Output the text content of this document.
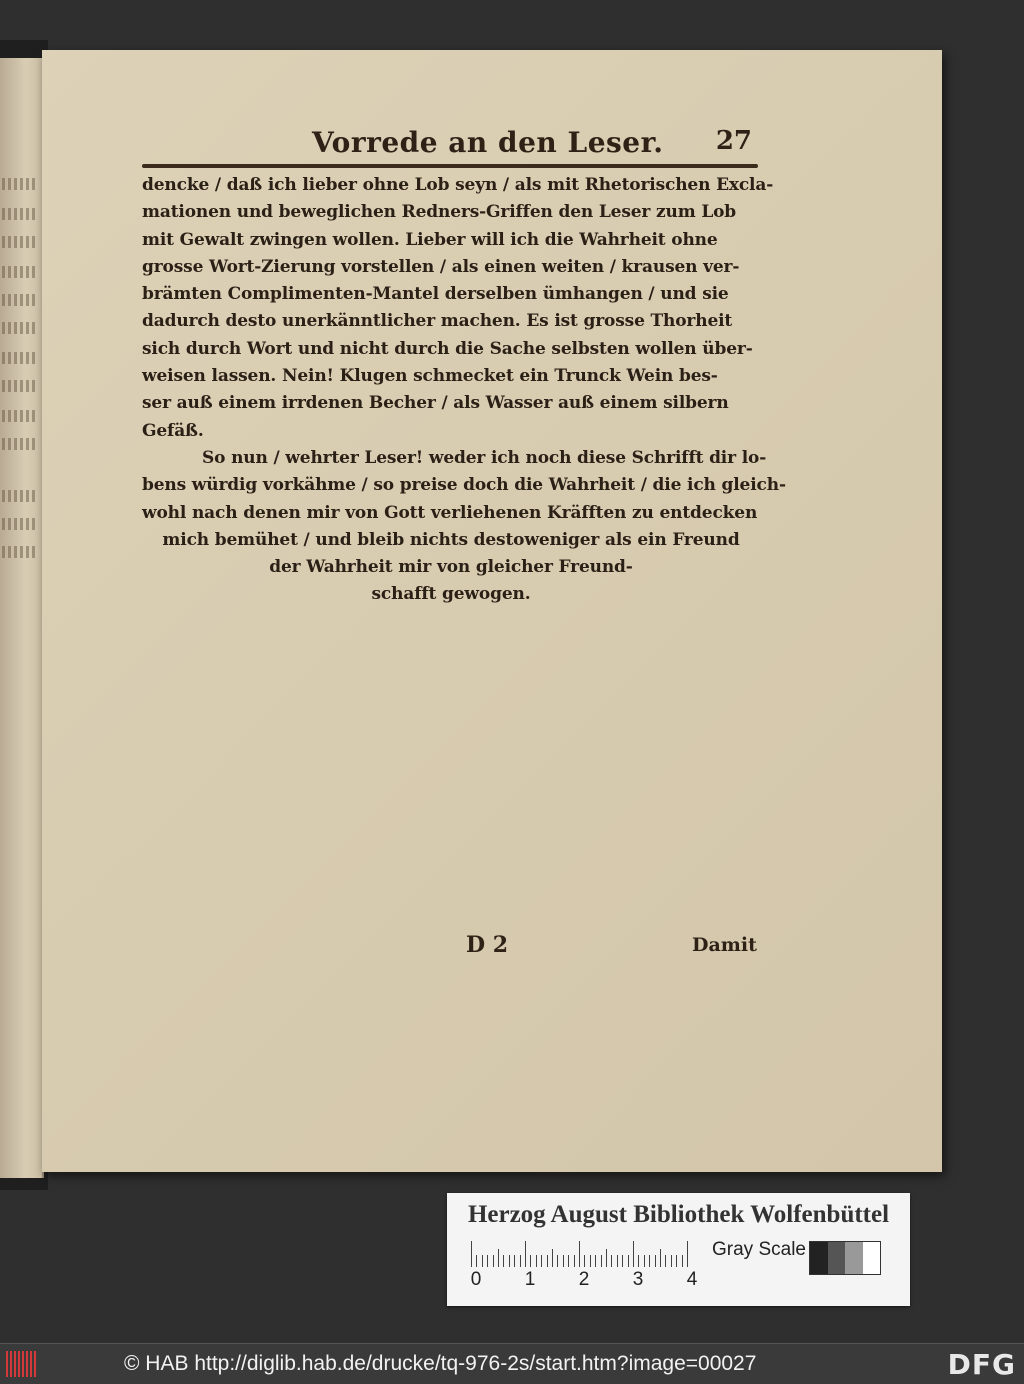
Vorrede an den Leser. 27
dencke / daß ich lieber ohne Lob seyn / als mit Rhetorischen Excla-
mationen und beweglichen Redners-Griffen den Leser zum Lob
mit Gewalt zwingen wollen. Lieber will ich die Wahrheit ohne
grosse Wort-Zierung vorstellen / als einen weiten / krausen ver-
brämten Complimenten-Mantel derselben ümhangen / und sie
dadurch desto unerkänntlicher machen. Es ist grosse Thorheit
sich durch Wort und nicht durch die Sache selbsten wollen über-
weisen lassen. Nein! Klugen schmecket ein Trunck Wein bes-
ser auß einem irrdenen Becher / als Wasser auß einem silbern
Gefäß.
So nun / wehrter Leser! weder ich noch diese Schrifft dir lo-
bens würdig vorkähme / so preise doch die Wahrheit / die ich gleich-
wohl nach denen mir von Gott verliehenen Kräfften zu entdecken
mich bemühet / und bleib nichts destoweniger als ein Freund
der Wahrheit mir von gleicher Freund-
schafft gewogen.
D 2	Damit
Herzog August Bibliothek Wolfenbüttel
0 1 2 3 4
Gray Scale
© HAB http://diglib.hab.de/drucke/tq-976-2s/start.htm?image=00027	DFG
